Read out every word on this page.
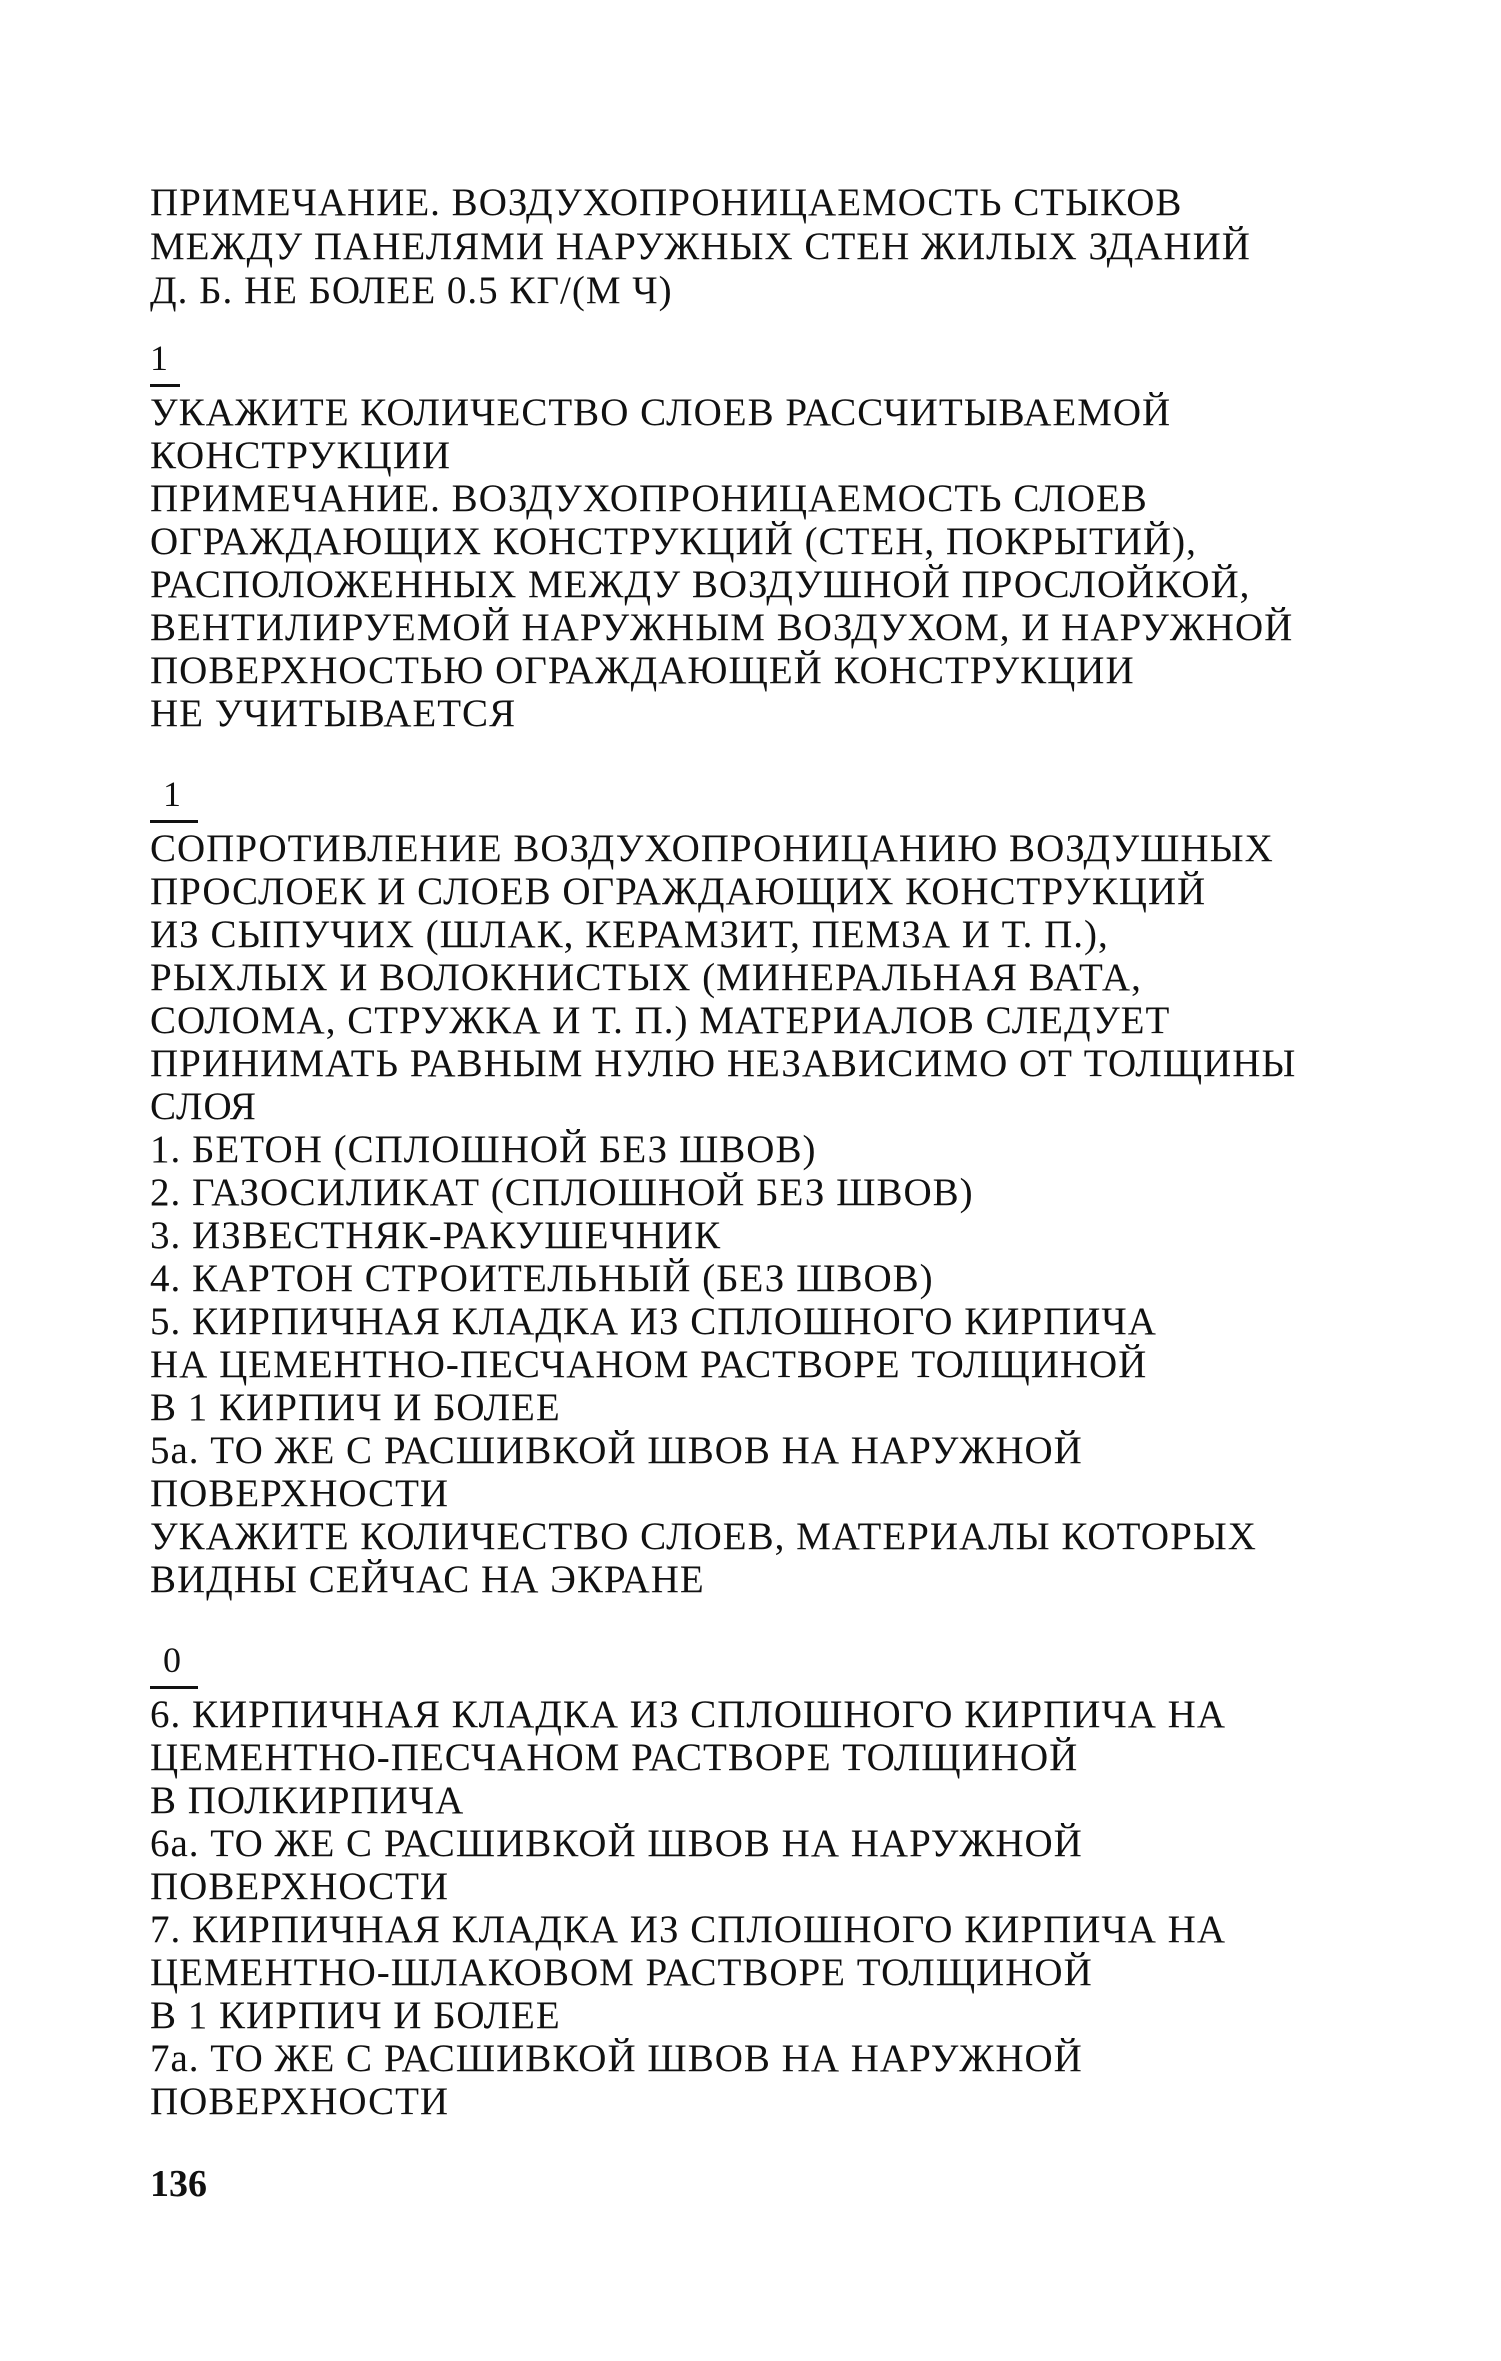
ПРИМЕЧАНИЕ. ВОЗДУХОПРОНИЦАЕМОСТЬ СТЫКОВ
МЕЖДУ ПАНЕЛЯМИ НАРУЖНЫХ СТЕН ЖИЛЫХ ЗДАНИЙ
Д. Б. НЕ БОЛЕЕ 0.5 КГ/(М Ч)
1
УКАЖИТЕ КОЛИЧЕСТВО СЛОЕВ РАССЧИТЫВАЕМОЙ
КОНСТРУКЦИИ
ПРИМЕЧАНИЕ. ВОЗДУХОПРОНИЦАЕМОСТЬ СЛОЕВ
ОГРАЖДАЮЩИХ КОНСТРУКЦИЙ (СТЕН, ПОКРЫТИЙ),
РАСПОЛОЖЕННЫХ МЕЖДУ ВОЗДУШНОЙ ПРОСЛОЙКОЙ,
ВЕНТИЛИРУЕМОЙ НАРУЖНЫМ ВОЗДУХОМ, И НАРУЖНОЙ
ПОВЕРХНОСТЬЮ ОГРАЖДАЮЩЕЙ КОНСТРУКЦИИ
НЕ УЧИТЫВАЕТСЯ
1
СОПРОТИВЛЕНИЕ ВОЗДУХОПРОНИЦАНИЮ ВОЗДУШНЫХ
ПРОСЛОЕК И СЛОЕВ ОГРАЖДАЮЩИХ КОНСТРУКЦИЙ
ИЗ СЫПУЧИХ (ШЛАК, КЕРАМЗИТ, ПЕМЗА И Т. П.),
РЫХЛЫХ И ВОЛОКНИСТЫХ (МИНЕРАЛЬНАЯ ВАТА,
СОЛОМА, СТРУЖКА И Т. П.) МАТЕРИАЛОВ СЛЕДУЕТ
ПРИНИМАТЬ РАВНЫМ НУЛЮ НЕЗАВИСИМО ОТ ТОЛЩИНЫ
СЛОЯ
1. БЕТОН (СПЛОШНОЙ БЕЗ ШВОВ)
2. ГАЗОСИЛИКАТ (СПЛОШНОЙ БЕЗ ШВОВ)
3. ИЗВЕСТНЯК-РАКУШЕЧНИК
4. КАРТОН СТРОИТЕЛЬНЫЙ (БЕЗ ШВОВ)
5. КИРПИЧНАЯ КЛАДКА ИЗ СПЛОШНОГО КИРПИЧА
НА ЦЕМЕНТНО-ПЕСЧАНОМ РАСТВОРЕ ТОЛЩИНОЙ
В 1 КИРПИЧ И БОЛЕЕ
5а. ТО ЖЕ С РАСШИВКОЙ ШВОВ НА НАРУЖНОЙ
ПОВЕРХНОСТИ
УКАЖИТЕ КОЛИЧЕСТВО СЛОЕВ, МАТЕРИАЛЫ КОТОРЫХ
ВИДНЫ СЕЙЧАС НА ЭКРАНЕ
0
6. КИРПИЧНАЯ КЛАДКА ИЗ СПЛОШНОГО КИРПИЧА НА
ЦЕМЕНТНО-ПЕСЧАНОМ РАСТВОРЕ ТОЛЩИНОЙ
В ПОЛКИРПИЧА
6а. ТО ЖЕ С РАСШИВКОЙ ШВОВ НА НАРУЖНОЙ
ПОВЕРХНОСТИ
7. КИРПИЧНАЯ КЛАДКА ИЗ СПЛОШНОГО КИРПИЧА НА
ЦЕМЕНТНО-ШЛАКОВОМ РАСТВОРЕ ТОЛЩИНОЙ
В 1 КИРПИЧ И БОЛЕЕ
7а. ТО ЖЕ С РАСШИВКОЙ ШВОВ НА НАРУЖНОЙ
ПОВЕРХНОСТИ
136
